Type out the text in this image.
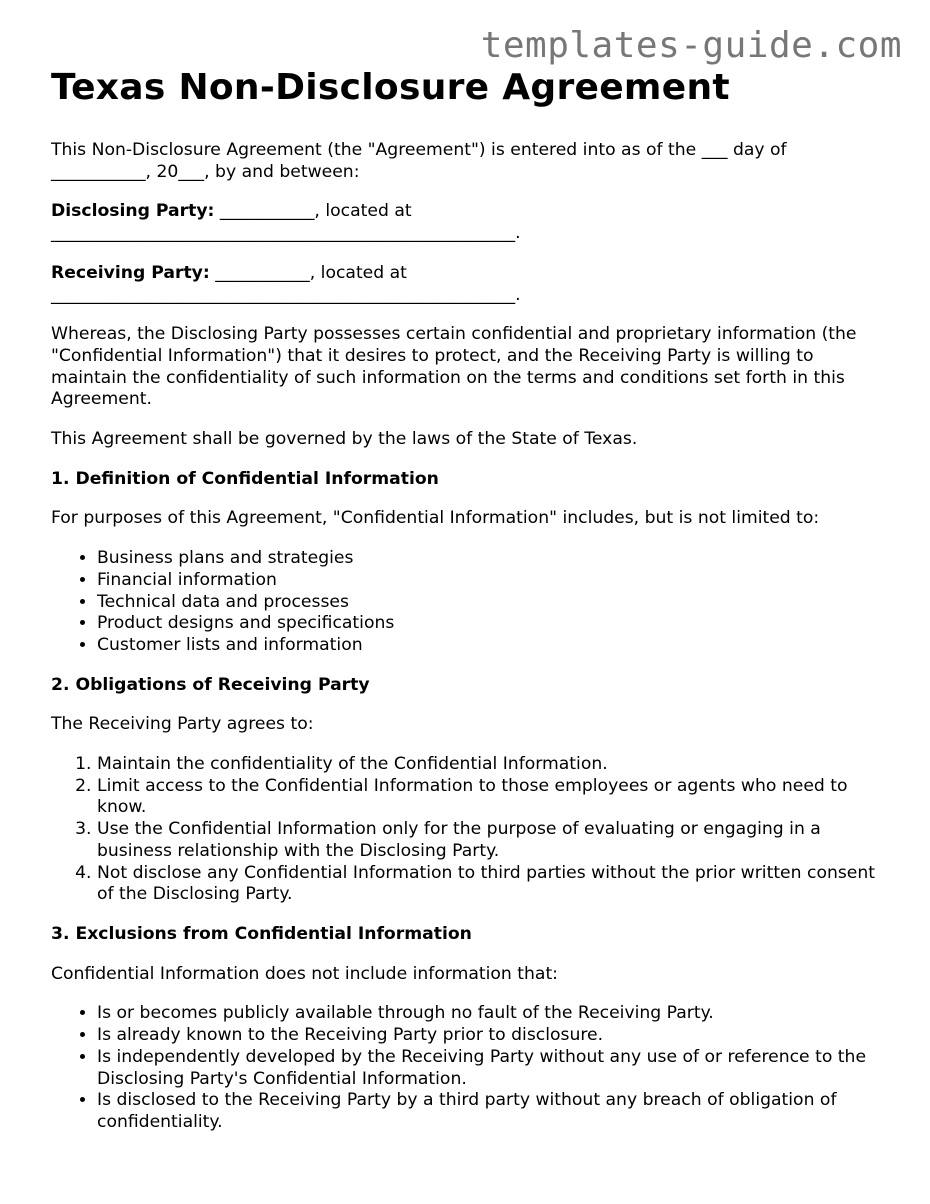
templates-guide.com
Texas Non-Disclosure Agreement

This Non-Disclosure Agreement (the "Agreement") is entered into as of the ___ day of ___________, 20___, by and between:

Disclosing Party: ___________, located at ______________________________________________________.

Receiving Party: ___________, located at ______________________________________________________.

Whereas, the Disclosing Party possesses certain confidential and proprietary information (the "Confidential Information") that it desires to protect, and the Receiving Party is willing to maintain the confidentiality of such information on the terms and conditions set forth in this Agreement.

This Agreement shall be governed by the laws of the State of Texas.

1. Definition of Confidential Information

For purposes of this Agreement, "Confidential Information" includes, but is not limited to:

• Business plans and strategies
• Financial information
• Technical data and processes
• Product designs and specifications
• Customer lists and information
2. Obligations of Receiving Party

The Receiving Party agrees to:

1. Maintain the confidentiality of the Confidential Information.
2. Limit access to the Confidential Information to those employees or agents who need to know.
3. Use the Confidential Information only for the purpose of evaluating or engaging in a business relationship with the Disclosing Party.
4. Not disclose any Confidential Information to third parties without the prior written consent of the Disclosing Party.
3. Exclusions from Confidential Information

Confidential Information does not include information that:

• Is or becomes publicly available through no fault of the Receiving Party.
• Is already known to the Receiving Party prior to disclosure.
• Is independently developed by the Receiving Party without any use of or reference to the Disclosing Party's Confidential Information.
• Is disclosed to the Receiving Party by a third party without any breach of obligation of confidentiality.
